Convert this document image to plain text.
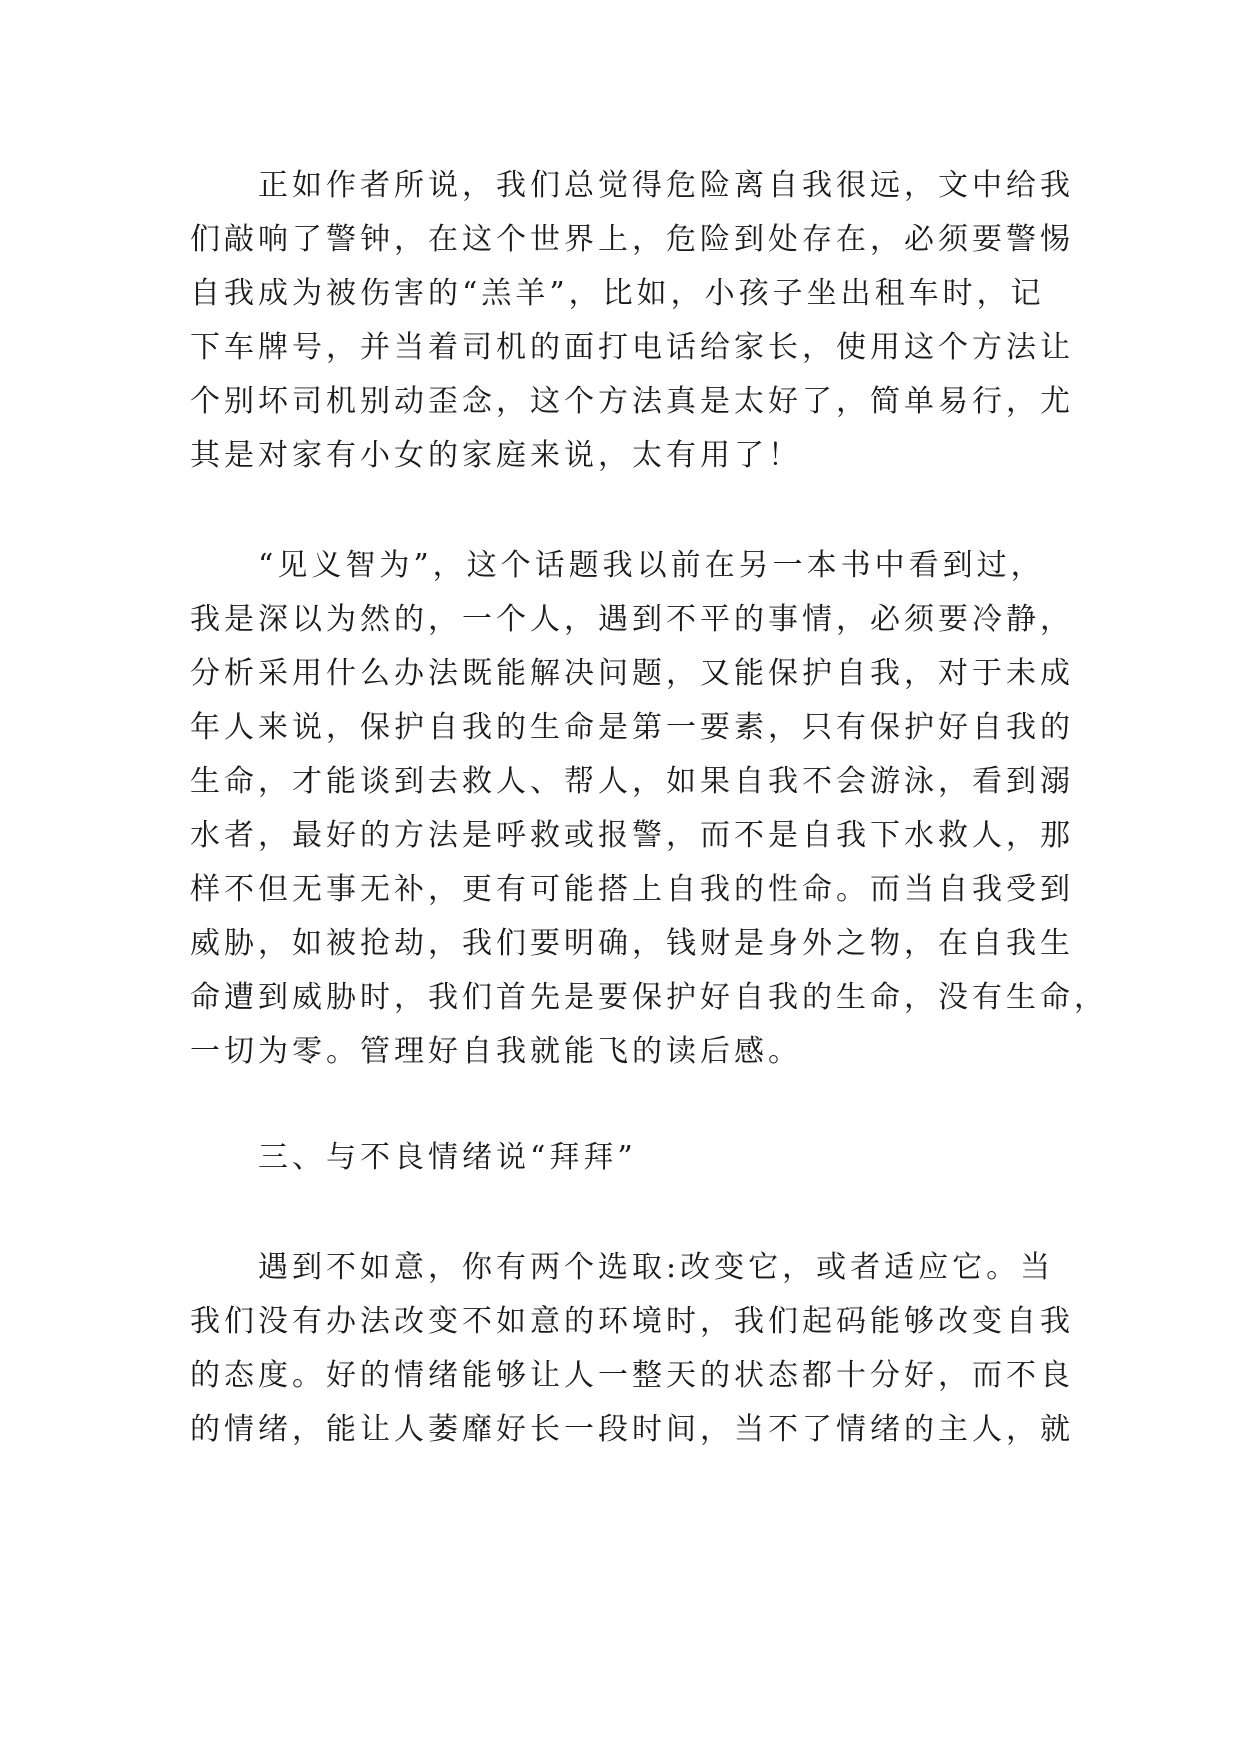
　　正如作者所说，我们总觉得危险离自我很远，文中给我

们敲响了警钟，在这个世界上，危险到处存在，必须要警惕

自我成为被伤害的“羔羊”，比如，小孩子坐出租车时，记

下车牌号，并当着司机的面打电话给家长，使用这个方法让

个别坏司机别动歪念，这个方法真是太好了，简单易行，尤

其是对家有小女的家庭来说，太有用了！

　　“见义智为”，这个话题我以前在另一本书中看到过，

我是深以为然的，一个人，遇到不平的事情，必须要冷静，

分析采用什么办法既能解决问题，又能保护自我，对于未成

年人来说，保护自我的生命是第一要素，只有保护好自我的

生命，才能谈到去救人、帮人，如果自我不会游泳，看到溺

水者，最好的方法是呼救或报警，而不是自我下水救人，那

样不但无事无补，更有可能搭上自我的性命。而当自我受到

威胁，如被抢劫，我们要明确，钱财是身外之物，在自我生

命遭到威胁时，我们首先是要保护好自我的生命，没有生命，

一切为零。管理好自我就能飞的读后感。

　　三、与不良情绪说“拜拜”

　　遇到不如意，你有两个选取:改变它，或者适应它。当

我们没有办法改变不如意的环境时，我们起码能够改变自我

的态度。好的情绪能够让人一整天的状态都十分好，而不良

的情绪，能让人萎靡好长一段时间，当不了情绪的主人，就
